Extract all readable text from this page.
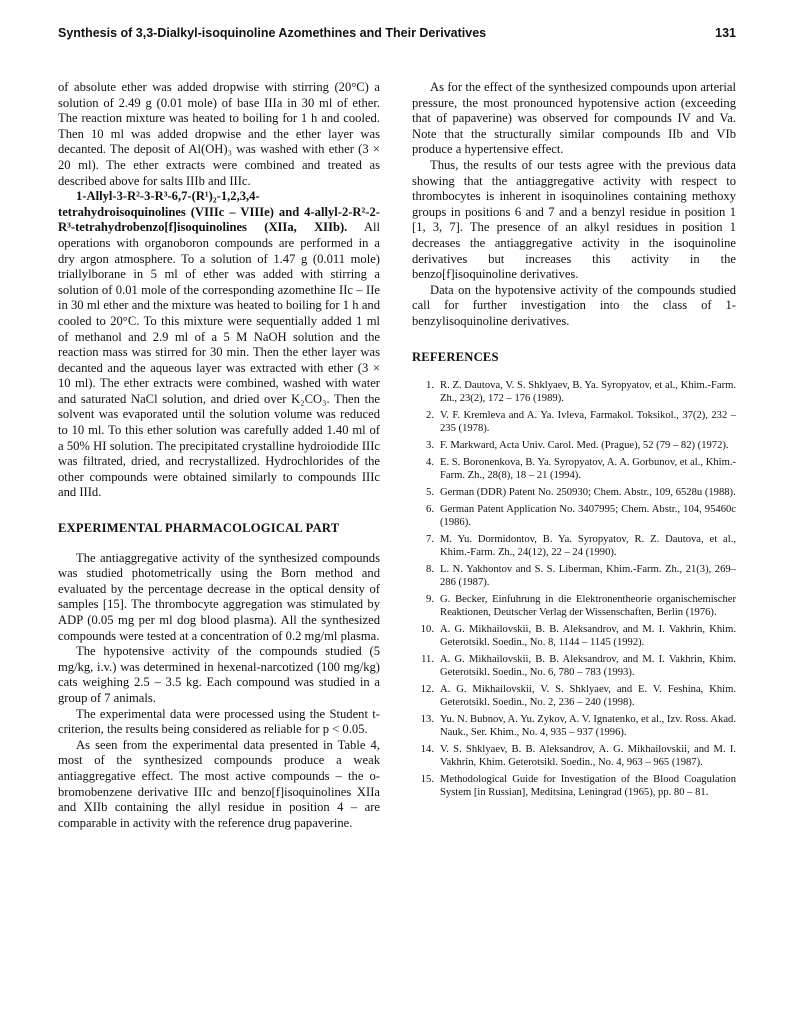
Synthesis of 3,3-Dialkyl-isoquinoline Azomethines and Their Derivatives	131

of absolute ether was added dropwise with stirring (20°C) a solution of 2.49 g (0.01 mole) of base IIIa in 30 ml of ether. The reaction mixture was heated to boiling for 1 h and cooled. Then 10 ml was added dropwise and the ether layer was decanted. The deposit of Al(OH)₃ was washed with ether (3 × 20 ml). The ether extracts were combined and treated as described above for salts IIIb and IIIc.

1-Allyl-3-R²-3-R³-6,7-(R¹)₂-1,2,3,4-tetrahydroisoquinolines (VIIIc – VIIIe) and 4-allyl-2-R²-2-R³-tetrahydrobenzo[f]isoquinolines (XIIa, XIIb). All operations with organoboron compounds are performed in a dry argon atmosphere. To a solution of 1.47 g (0.011 mole) triallylborane in 5 ml of ether was added with stirring a solution of 0.01 mole of the corresponding azomethine IIc – IIe in 30 ml ether and the mixture was heated to boiling for 1 h and cooled to 20°C. To this mixture were sequentially added 1 ml of methanol and 2.9 ml of a 5 M NaOH solution and the reaction mass was stirred for 30 min. Then the ether layer was decanted and the aqueous layer was extracted with ether (3 × 10 ml). The ether extracts were combined, washed with water and saturated NaCl solution, and dried over K₂CO₃. Then the solvent was evaporated until the solution volume was reduced to 10 ml. To this ether solution was carefully added 1.40 ml of a 50% HI solution. The precipitated crystalline hydroiodide IIIc was filtrated, dried, and recrystallized. Hydrochlorides of the other compounds were obtained similarly to compounds IIIc and IIId.

EXPERIMENTAL PHARMACOLOGICAL PART

The antiaggregative activity of the synthesized compounds was studied photometrically using the Born method and evaluated by the percentage decrease in the optical density of samples [15]. The thrombocyte aggregation was stimulated by ADP (0.05 mg per ml dog blood plasma). All the synthesized compounds were tested at a concentration of 0.2 mg/ml plasma.

The hypotensive activity of the compounds studied (5 mg/kg, i.v.) was determined in hexenal-narcotized (100 mg/kg) cats weighing 2.5 – 3.5 kg. Each compound was studied in a group of 7 animals.

The experimental data were processed using the Student t-criterion, the results being considered as reliable for p < 0.05.

As seen from the experimental data presented in Table 4, most of the synthesized compounds produce a weak antiaggregative effect. The most active compounds – the o-bromobenzene derivative IIIc and benzo[f]isoquinolines XIIa and XIIb containing the allyl residue in position 4 – are comparable in activity with the reference drug papaverine.

As for the effect of the synthesized compounds upon arterial pressure, the most pronounced hypotensive action (exceeding that of papaverine) was observed for compounds IV and Va. Note that the structurally similar compounds IIb and VIb produce a hypertensive effect.

Thus, the results of our tests agree with the previous data showing that the antiaggregative activity with respect to thrombocytes is inherent in isoquinolines containing methoxy groups in positions 6 and 7 and a benzyl residue in position 1 [1, 3, 7]. The presence of an alkyl residues in position 1 decreases the antiaggregative activity in the isoquinoline derivatives but increases this activity in the benzo[f]isoquinoline derivatives.

Data on the hypotensive activity of the compounds studied call for further investigation into the class of 1-benzylisoquinoline derivatives.

REFERENCES
1. R. Z. Dautova, V. S. Shklyaev, B. Ya. Syropyatov, et al., Khim.-Farm. Zh., 23(2), 172 – 176 (1989).
2. V. F. Kremleva and A. Ya. Ivleva, Farmakol. Toksikol., 37(2), 232 – 235 (1978).
3. F. Markward, Acta Univ. Carol. Med. (Prague), 52 (79 – 82) (1972).
4. E. S. Boronenkova, B. Ya. Syropyatov, A. A. Gorbunov, et al., Khim.-Farm. Zh., 28(8), 18 – 21 (1994).
5. German (DDR) Patent No. 250930; Chem. Abstr., 109, 6528u (1988).
6. German Patent Application No. 3407995; Chem. Abstr., 104, 95460c (1986).
7. M. Yu. Dormidontov, B. Ya. Syropyatov, R. Z. Dautova, et al., Khim.-Farm. Zh., 24(12), 22 – 24 (1990).
8. L. N. Yakhontov and S. S. Liberman, Khim.-Farm. Zh., 21(3), 269–286 (1987).
9. G. Becker, Einfuhrung in die Elektronentheorie organischemischer Reaktionen, Deutscher Verlag der Wissenschaften, Berlin (1976).
10. A. G. Mikhailovskii, B. B. Aleksandrov, and M. I. Vakhrin, Khim. Geterotsikl. Soedin., No. 8, 1144 – 1145 (1992).
11. A. G. Mikhailovskii, B. B. Aleksandrov, and M. I. Vakhrin, Khim. Geterotsikl. Soedin., No. 6, 780 – 783 (1993).
12. A. G. Mikhailovskii, V. S. Shklyaev, and E. V. Feshina, Khim. Geterotsikl. Soedin., No. 2, 236 – 240 (1998).
13. Yu. N. Bubnov, A. Yu. Zykov, A. V. Ignatenko, et al., Izv. Ross. Akad. Nauk., Ser. Khim., No. 4, 935 – 937 (1996).
14. V. S. Shklyaev, B. B. Aleksandrov, A. G. Mikhailovskii, and M. I. Vakhrin, Khim. Geterotsikl. Soedin., No. 4, 963 – 965 (1987).
15. Methodological Guide for Investigation of the Blood Coagulation System [in Russian], Meditsina, Leningrad (1965), pp. 80 – 81.
